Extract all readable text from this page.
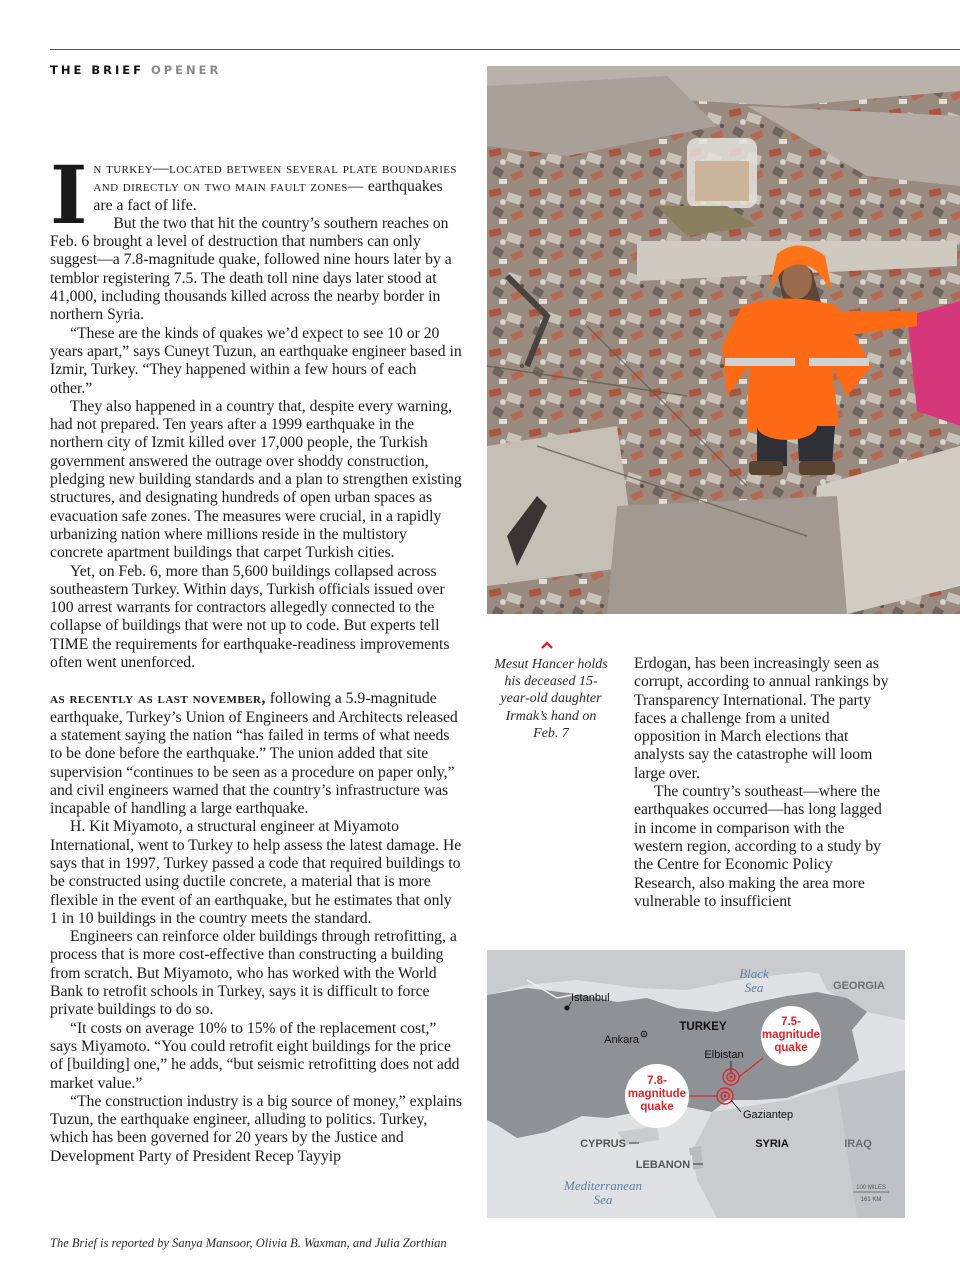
THE BRIEF OPENER

I n turkey—located between several plate boundaries and directly on two main fault zones— earthquakes are a fact of life.

But the two that hit the country’s southern reaches on Feb. 6 brought a level of destruction that numbers can only suggest—a 7.8-magnitude quake, followed nine hours later by a temblor registering 7.5. The death toll nine days later stood at 41,000, including thousands killed across the nearby border in northern Syria.

“These are the kinds of quakes we’d expect to see 10 or 20 years apart,” says Cuneyt Tuzun, an earthquake engineer based in Izmir, Turkey. “They happened within a few hours of each other.”

They also happened in a country that, despite every warning, had not prepared. Ten years after a 1999 earthquake in the northern city of Izmit killed over 17,000 people, the Turkish government answered the outrage over shoddy construction, pledging new building standards and a plan to strengthen existing structures, and designating hundreds of open urban spaces as evacuation safe zones. The measures were crucial, in a rapidly urbanizing nation where millions reside in the multistory concrete apartment buildings that carpet Turkish cities.

Yet, on Feb. 6, more than 5,600 buildings collapsed across southeastern Turkey. Within days, Turkish officials issued over 100 arrest warrants for contractors allegedly connected to the collapse of buildings that were not up to code. But experts tell TIME the requirements for earthquake-readiness improvements often went unenforced.

as recently as last november, following a 5.9-magnitude earthquake, Turkey’s Union of Engineers and Architects released a statement saying the nation “has failed in terms of what needs to be done before the earthquake.” The union added that site supervision “continues to be seen as a procedure on paper only,” and civil engineers warned that the country’s infrastructure was incapable of handling a large earthquake.

H. Kit Miyamoto, a structural engineer at Miyamoto International, went to Turkey to help assess the latest damage. He says that in 1997, Turkey passed a code that required buildings to be constructed using ductile concrete, a material that is more flexible in the event of an earthquake, but he estimates that only 1 in 10 buildings in the country meets the standard.

Engineers can reinforce older buildings through retrofitting, a process that is more cost-effective than constructing a building from scratch. But Miyamoto, who has worked with the World Bank to retrofit schools in Turkey, says it is difficult to force private buildings to do so.

“It costs on average 10% to 15% of the replacement cost,” says Miyamoto. “You could retrofit eight buildings for the price of [building] one,” he adds, “but seismic retrofitting does not add market value.”

“The construction industry is a big source of money,” explains Tuzun, the earthquake engineer, alluding to politics. Turkey, which has been governed for 20 years by the Justice and Development Party of President Recep Tayyip

Mesut Hancer holds his deceased 15-year-old daughter Irmak’s hand on Feb. 7

Erdogan, has been increasingly seen as corrupt, according to annual rankings by Transparency International. The party faces a challenge from a united opposition in March elections that analysts say the catastrophe will loom large over.

The country’s southeast—where the earthquakes occurred—has long lagged in income in comparison with the western region, according to a study by the Centre for Economic Policy Research, also making the area more vulnerable to insufficient

Black Sea	GEORGIA
Istanbul
TURKEY
Ankara
Elbistan
Gaziantep
7.5-magnitude quake
7.8-magnitude quake
SYRIA	IRAQ
CYPRUS
LEBANON
Mediterranean Sea
100 MILES
161 KM
The Brief is reported by Sanya Mansoor, Olivia B. Waxman, and Julia Zorthian
